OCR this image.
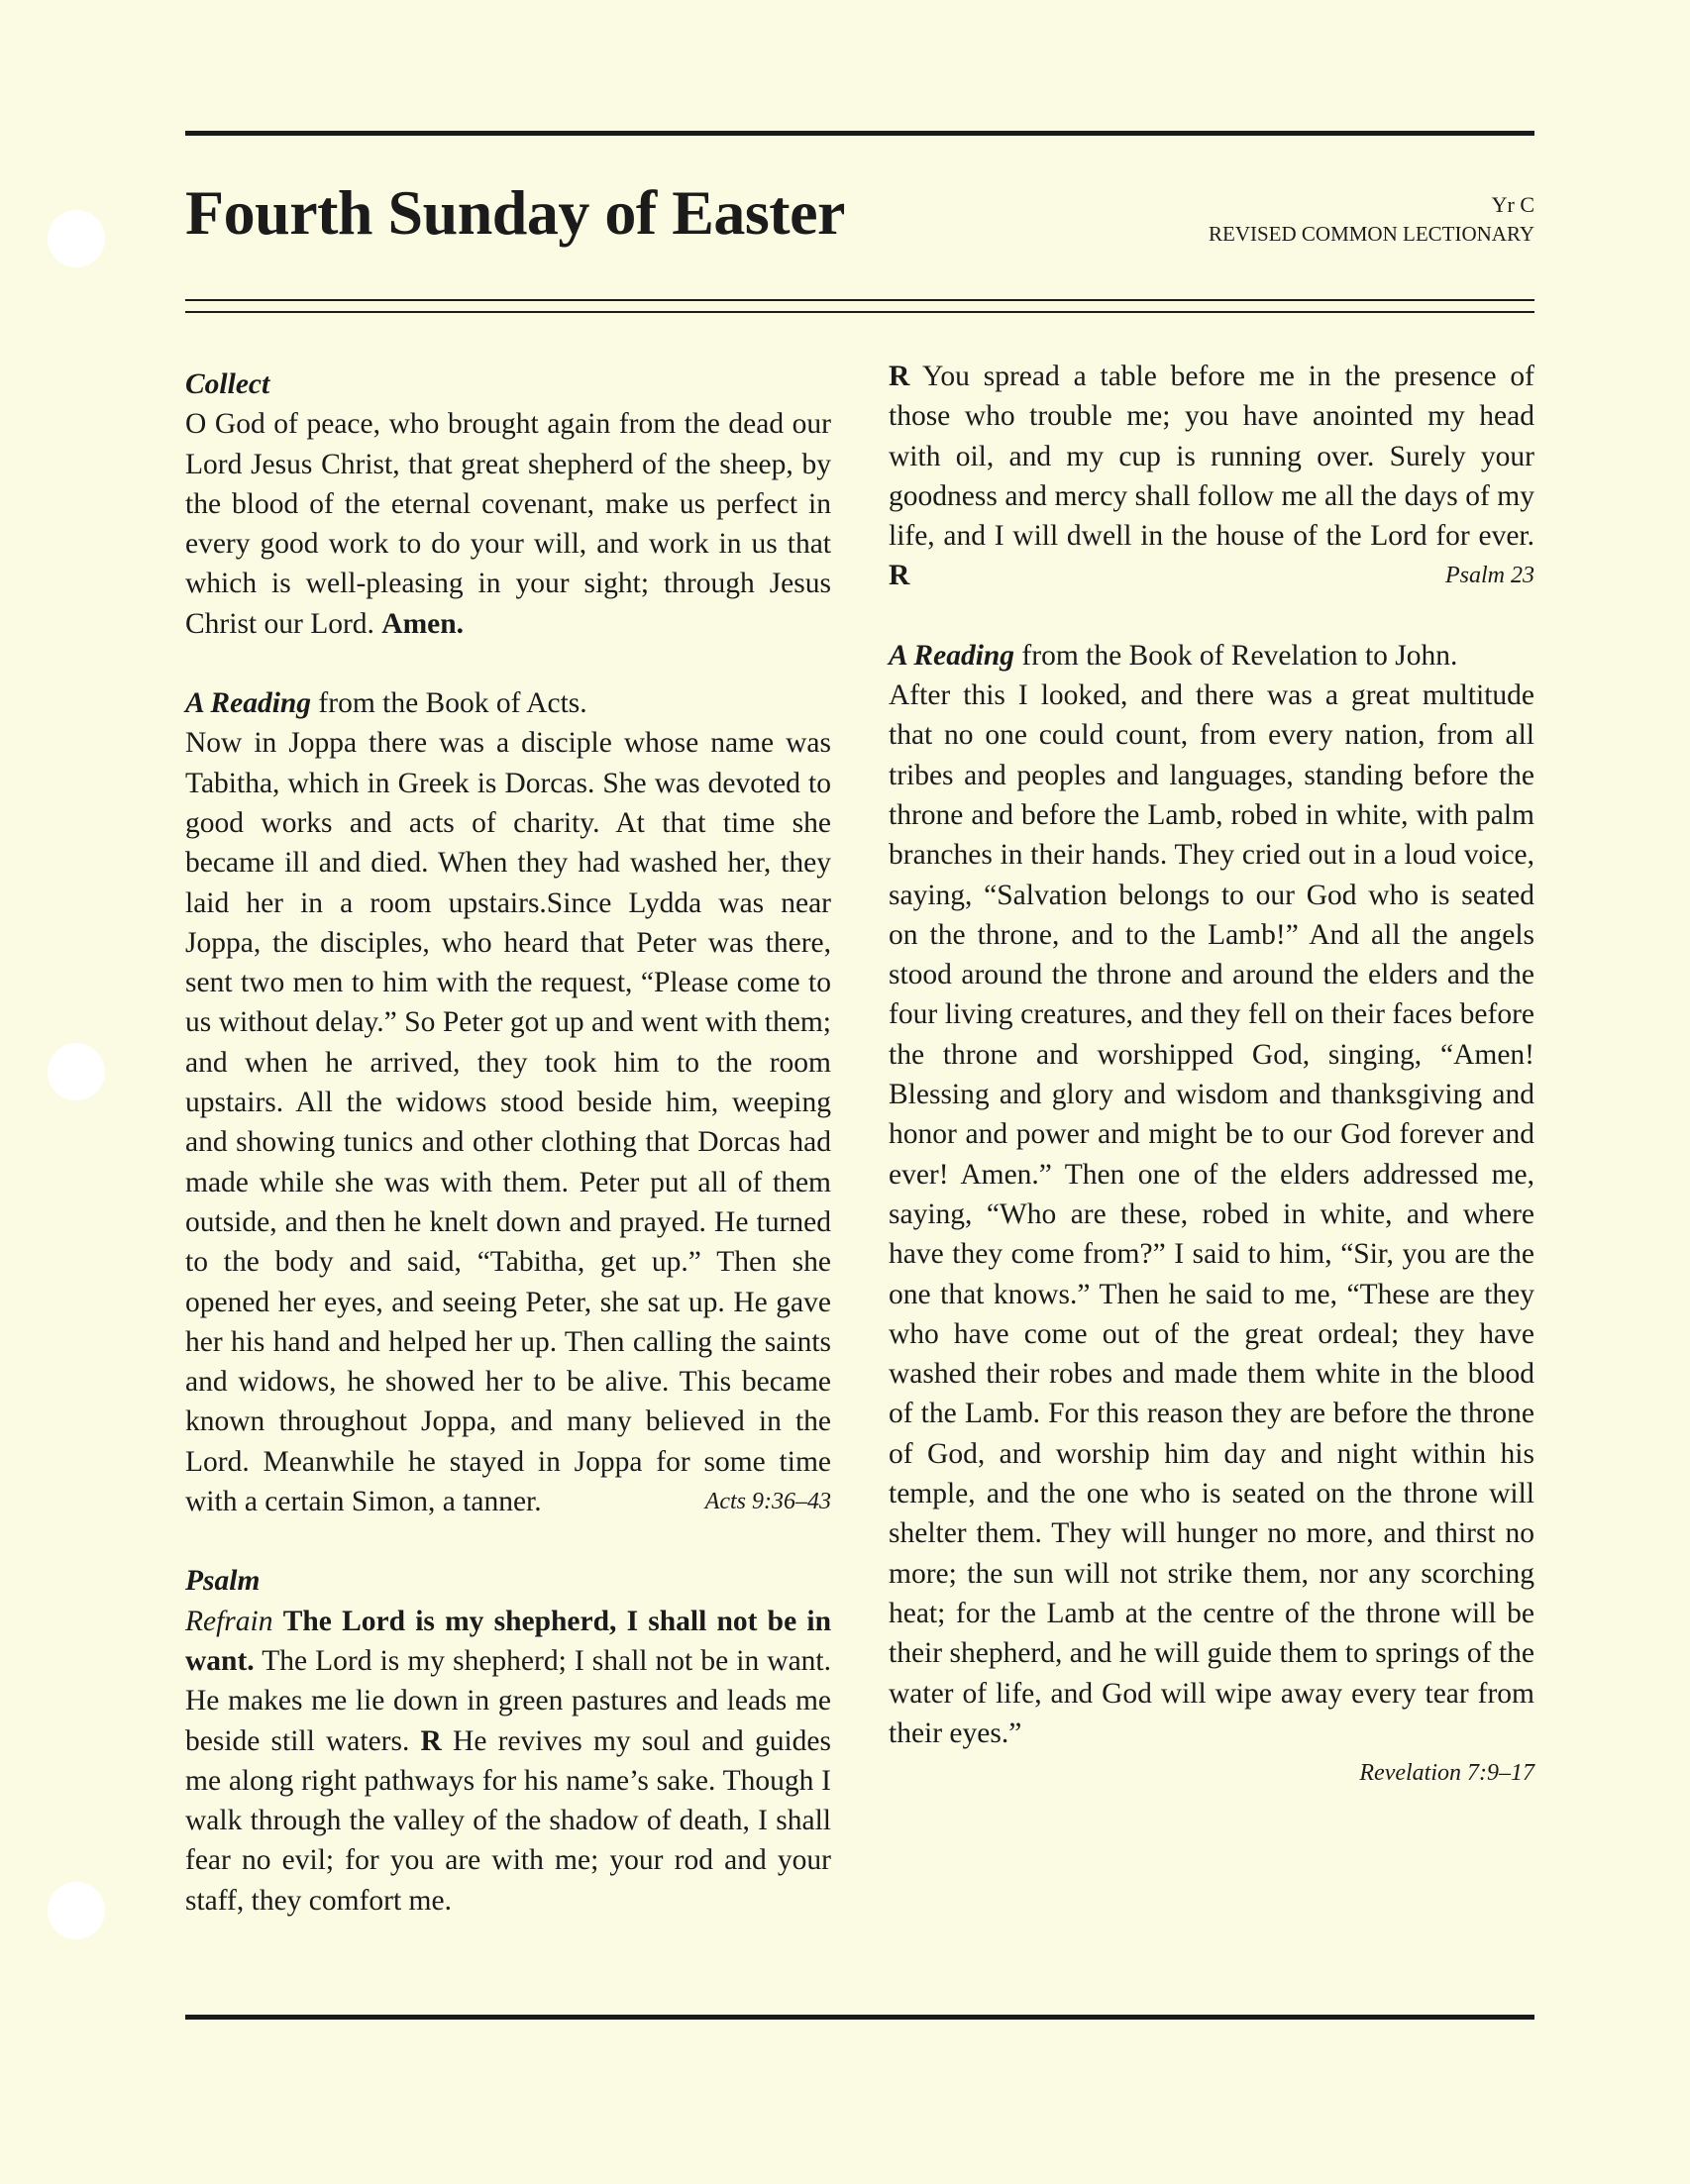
Fourth Sunday of Easter	Yr C
REVISED COMMON LECTIONARY

Collect

O God of peace, who brought again from the dead our Lord Jesus Christ, that great shepherd of the sheep, by the blood of the eternal covenant, make us perfect in every good work to do your will, and work in us that which is well-pleasing in your sight; through Jesus Christ our Lord. Amen.

A Reading from the Book of Acts.

Now in Joppa there was a disciple whose name was Tabitha, which in Greek is Dorcas. She was devoted to good works and acts of charity. At that time she became ill and died. When they had washed her, they laid her in a room upstairs.Since Lydda was near Joppa, the disciples, who heard that Peter was there, sent two men to him with the request, “Please come to us without delay.” So Peter got up and went with them; and when he arrived, they took him to the room upstairs. All the widows stood beside him, weeping and showing tunics and other clothing that Dorcas had made while she was with them. Peter put all of them outside, and then he knelt down and prayed. He turned to the body and said, “Tabitha, get up.” Then she opened her eyes, and seeing Peter, she sat up. He gave her his hand and helped her up. Then calling the saints and widows, he showed her to be alive. This became known throughout Joppa, and many believed in the Lord. Meanwhile he stayed in Joppa for some time with a certain Simon, a tanner.	Acts 9:36–43

Psalm

Refrain The Lord is my shepherd, I shall not be in want. The Lord is my shepherd; I shall not be in want. He makes me lie down in green pastures and leads me beside still waters. R He revives my soul and guides me along right pathways for his name’s sake. Though I walk through the valley of the shadow of death, I shall fear no evil; for you are with me; your rod and your staff, they comfort me.

R You spread a table before me in the presence of those who trouble me; you have anointed my head with oil, and my cup is running over. Surely your goodness and mercy shall follow me all the days of my life, and I will dwell in the house of the Lord for ever. R	Psalm 23

A Reading from the Book of Revelation to John.

After this I looked, and there was a great multitude that no one could count, from every nation, from all tribes and peoples and languages, standing before the throne and before the Lamb, robed in white, with palm branches in their hands. They cried out in a loud voice, saying, “Salvation belongs to our God who is seated on the throne, and to the Lamb!” And all the angels stood around the throne and around the elders and the four living creatures, and they fell on their faces before the throne and worshipped God, singing, “Amen! Blessing and glory and wisdom and thanksgiving and honor and power and might be to our God forever and ever! Amen.” Then one of the elders addressed me, saying, “Who are these, robed in white, and where have they come from?” I said to him, “Sir, you are the one that knows.” Then he said to me, “These are they who have come out of the great ordeal; they have washed their robes and made them white in the blood of the Lamb. For this reason they are before the throne of God, and worship him day and night within his temple, and the one who is seated on the throne will shelter them. They will hunger no more, and thirst no more; the sun will not strike them, nor any scorching heat; for the Lamb at the centre of the throne will be their shepherd, and he will guide them to springs of the water of life, and God will wipe away every tear from their eyes.”

Revelation 7:9–17
